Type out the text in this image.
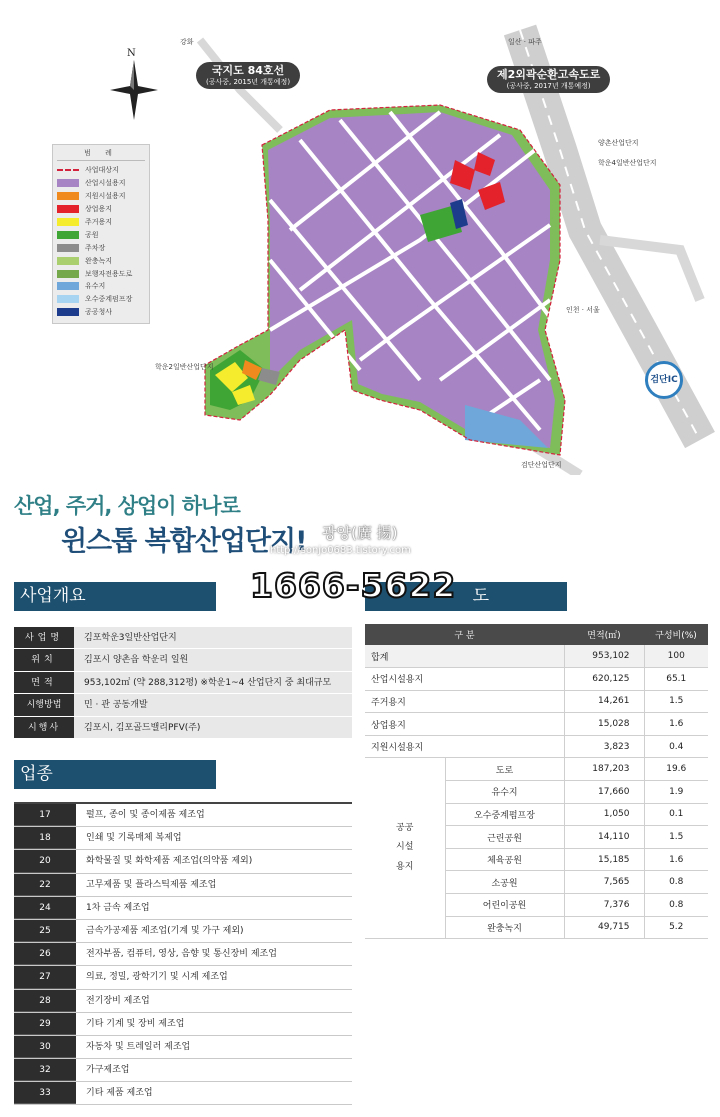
N
국지도 84호선
(공사중, 2015년 개통예정)
제2외곽순환고속도로
(공사중, 2017년 개통예정)
강화	일산 · 파주
양촌산업단지
학운4일반산업단지
인천 · 서울
검단산업단지
학운2일반산업단지
검단IC
범 례
사업대상지
산업시설용지
지원시설용지
상업용지
주거용지
공원
주차장
완충녹지
보행자전용도로
유수지
오수중계펌프장
공공청사
산업, 주거, 상업이 하나로
윈스톱 복합산업단지! 광양(廣 揚)
http://sonjo0683.tistory.com
1666-5622
사업개요
사업명	김포학운3일반산업단지
위치	김포시 양촌읍 학운리 일원
면적	953,102㎡ (약 288,312평) ※학운1~4 산업단지 중 최대규모
시행방법	민 · 관 공동개발
시행사	김포시, 김포골드밸리PFV(주)
업종
17	펄프, 종이 및 종이제품 제조업
18	인쇄 및 기록매체 복제업
20	화학물질 및 화학제품 제조업(의약품 제외)
22	고무제품 및 플라스틱제품 제조업
24	1차 금속 제조업
25	금속가공제품 제조업(기계 및 가구 제외)
26	전자부품, 컴퓨터, 영상, 음향 및 통신장비 제조업
27	의료, 정밀, 광학기기 및 시계 제조업
28	전기장비 제조업
29	기타 기계 및 장비 제조업
30	자동차 및 트레일러 제조업
32	가구제조업
33	기타 제품 제조업
도
구 분		면적(㎡)	구성비(%)
합계		953,102	100
산업시설용지		620,125	65.1
주거용지		14,261	1.5
상업용지		15,028	1.6
지원시설용지		3,823	0.4

공공
시설
용지	도로	187,203	19.6
	유수지	17,660	1.9
	오수중계펌프장	1,050	0.1
	근린공원	14,110	1.5
	체육공원	15,185	1.6
	소공원	7,565	0.8
	어린이공원	7,376	0.8
	완충녹지	49,715	5.2
